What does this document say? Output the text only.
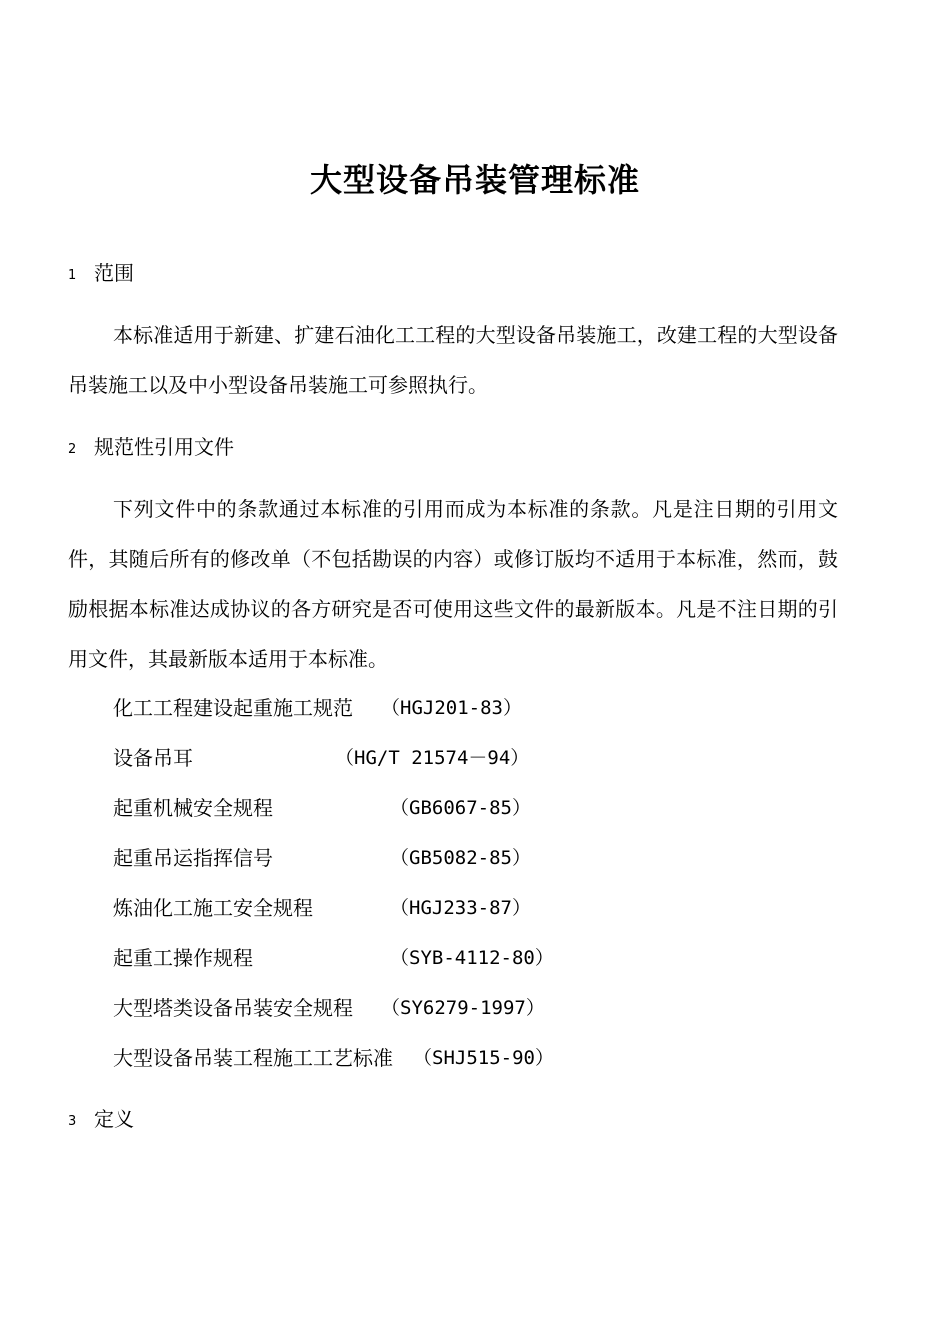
大型设备吊装管理标准
1 范围

本标准适用于新建、扩建石油化工工程的大型设备吊装施工，改建工程的大型设备吊装施工以及中小型设备吊装施工可参照执行。

2 规范性引用文件

下列文件中的条款通过本标准的引用而成为本标准的条款。凡是注日期的引用文件，其随后所有的修改单（不包括勘误的内容）或修订版均不适用于本标准，然而，鼓励根据本标准达成协议的各方研究是否可使用这些文件的最新版本。凡是不注日期的引用文件，其最新版本适用于本标准。

化工工程建设起重施工规范 （HGJ201-83）
设备吊耳	（HG/T 21574－94）
起重机械安全规程	（GB6067-85）
起重吊运指挥信号	（GB5082-85）
炼油化工施工安全规程	（HGJ233-87）
起重工操作规程	（SYB-4112-80）
大型塔类设备吊装安全规程 （SY6279-1997）
大型设备吊装工程施工工艺标准 （SHJ515-90）
3 定义
